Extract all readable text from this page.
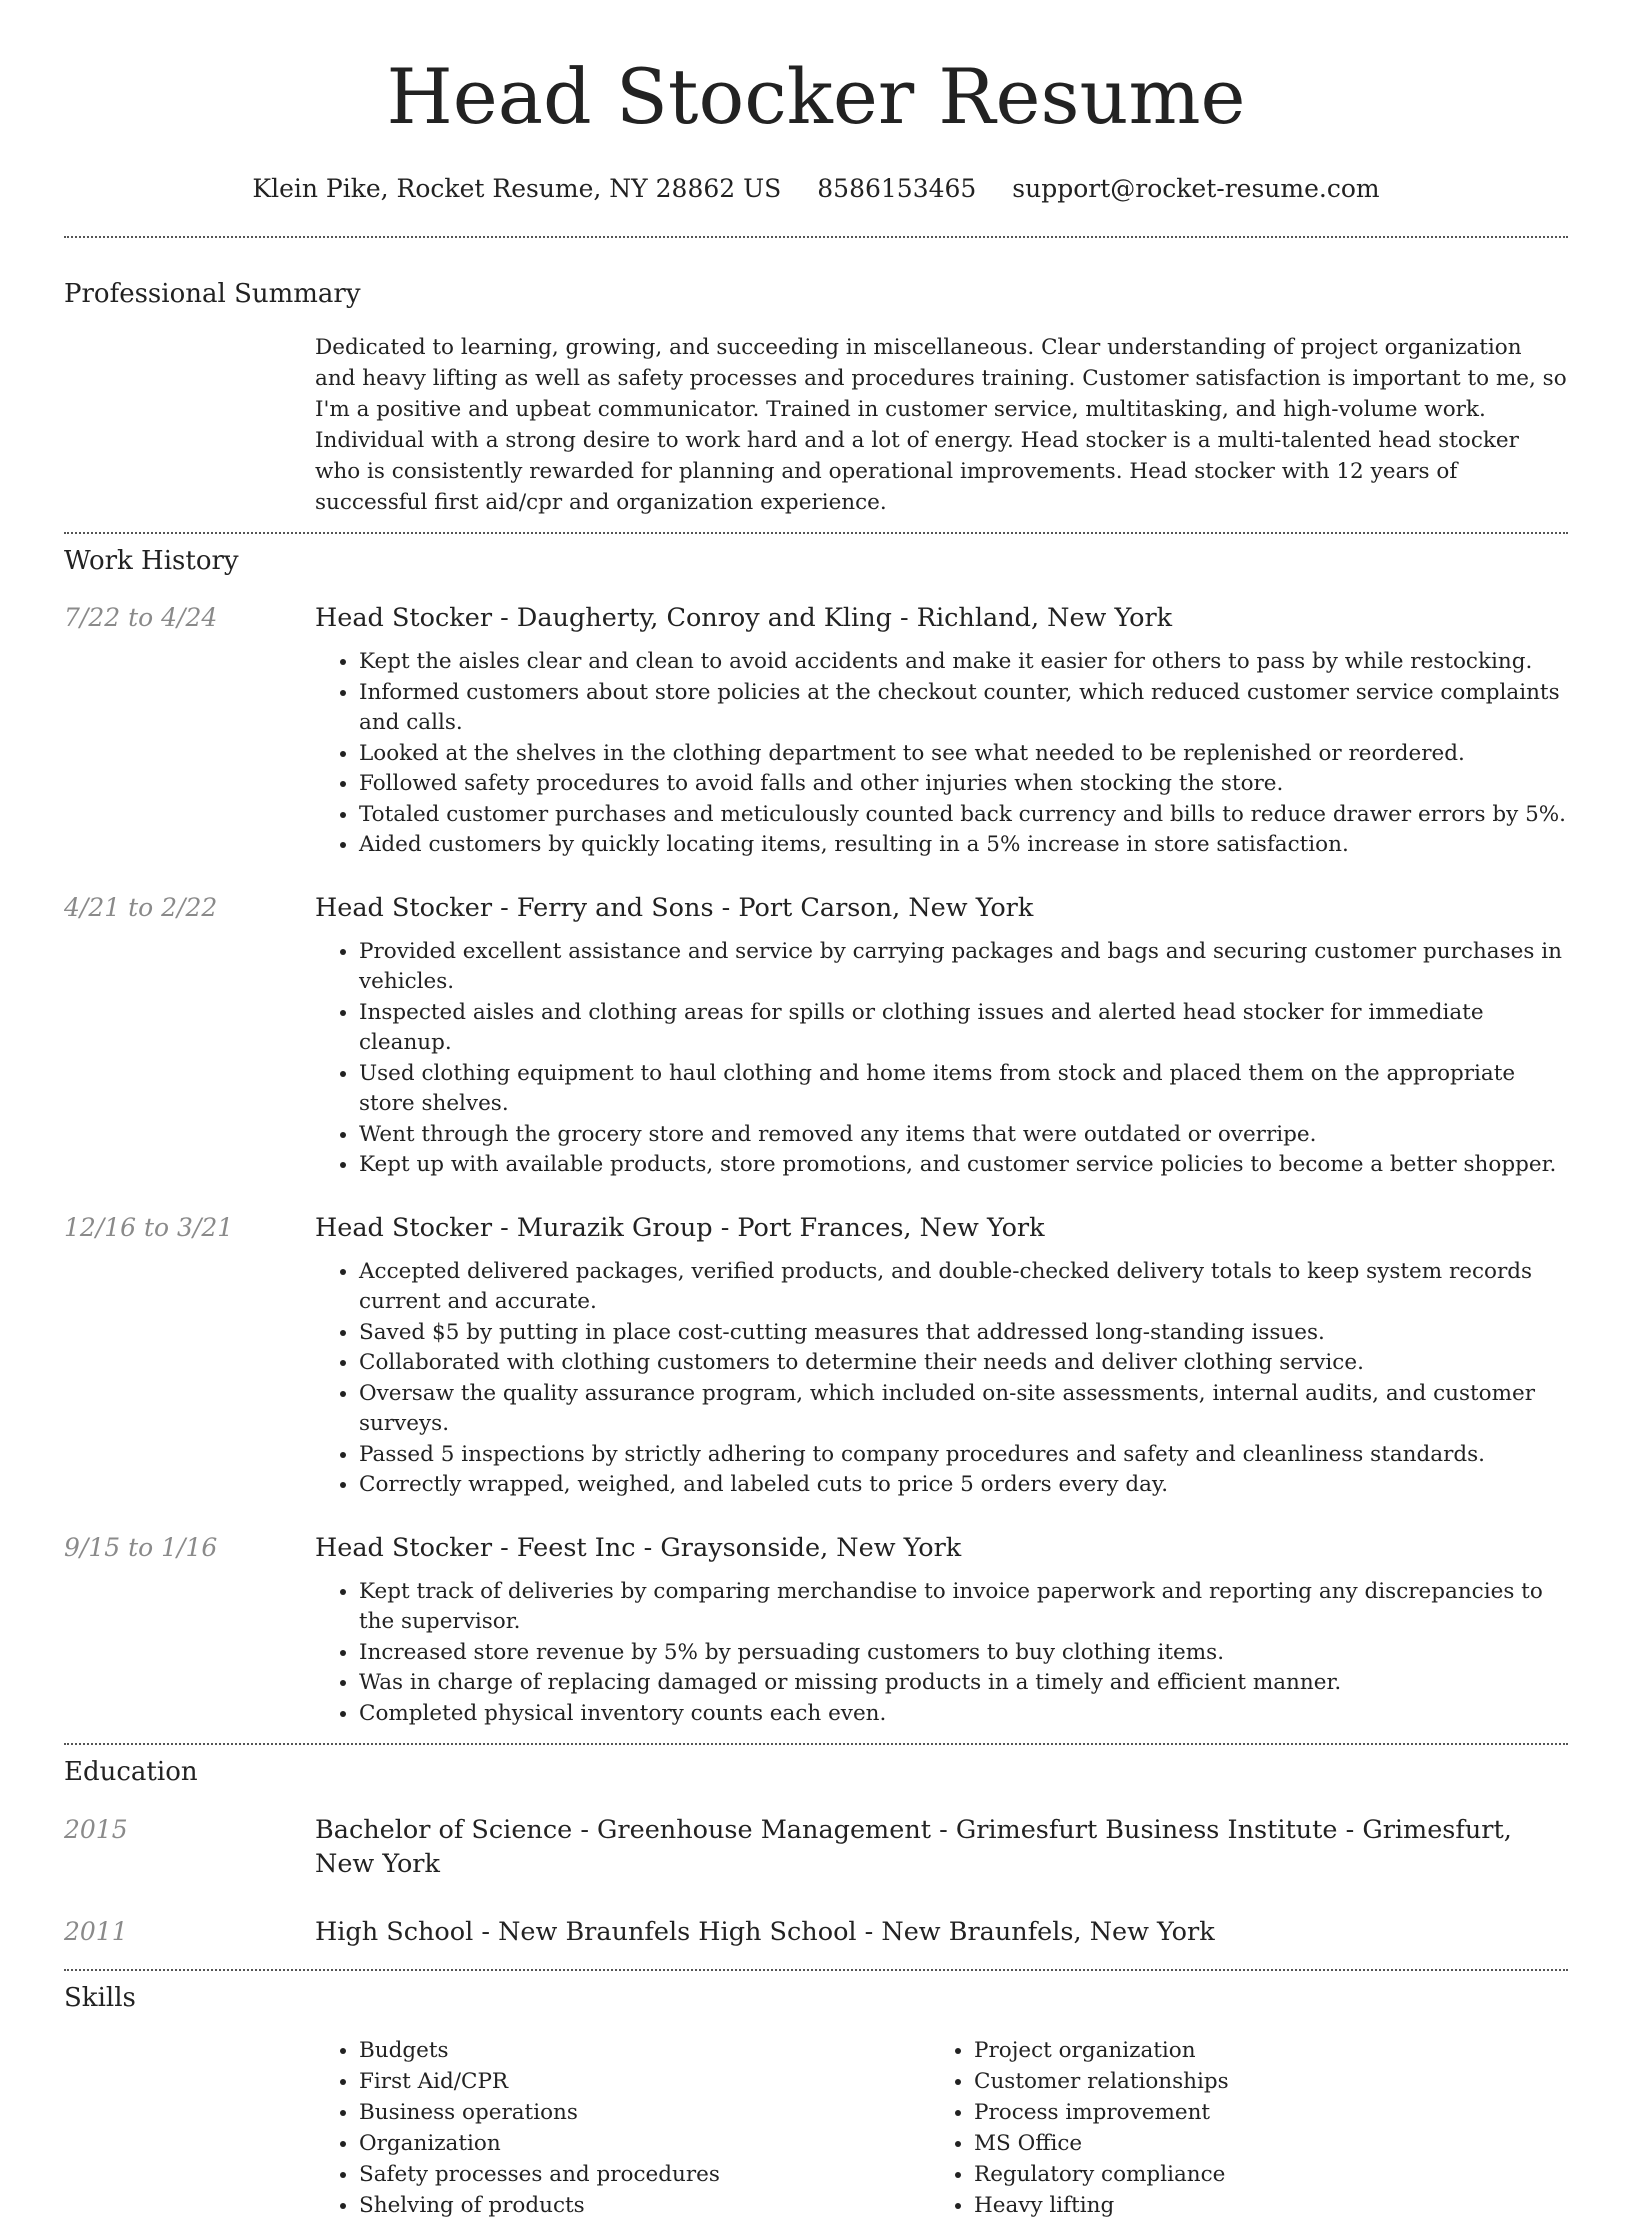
Head Stocker Resume
Klein Pike, Rocket Resume, NY 28862 US 8586153465 support@rocket-resume.com
Professional Summary

Dedicated to learning, growing, and succeeding in miscellaneous. Clear understanding of project organization and heavy lifting as well as safety processes and procedures training. Customer satisfaction is important to me, so I'm a positive and upbeat communicator. Trained in customer service, multitasking, and high-volume work. Individual with a strong desire to work hard and a lot of energy. Head stocker is a multi-talented head stocker who is consistently rewarded for planning and operational improvements. Head stocker with 12 years of successful first aid/cpr and organization experience.

Work History
7/22 to 4/24	Head Stocker - Daugherty, Conroy and Kling - Richland, New York
• Kept the aisles clear and clean to avoid accidents and make it easier for others to pass by while restocking.
• Informed customers about store policies at the checkout counter, which reduced customer service complaints and calls.
• Looked at the shelves in the clothing department to see what needed to be replenished or reordered.
• Followed safety procedures to avoid falls and other injuries when stocking the store.
• Totaled customer purchases and meticulously counted back currency and bills to reduce drawer errors by 5%.
• Aided customers by quickly locating items, resulting in a 5% increase in store satisfaction.
4/21 to 2/22	Head Stocker - Ferry and Sons - Port Carson, New York
• Provided excellent assistance and service by carrying packages and bags and securing customer purchases in vehicles.
• Inspected aisles and clothing areas for spills or clothing issues and alerted head stocker for immediate cleanup.
• Used clothing equipment to haul clothing and home items from stock and placed them on the appropriate store shelves.
• Went through the grocery store and removed any items that were outdated or overripe.
• Kept up with available products, store promotions, and customer service policies to become a better shopper.
12/16 to 3/21	Head Stocker - Murazik Group - Port Frances, New York
• Accepted delivered packages, verified products, and double-checked delivery totals to keep system records current and accurate.
• Saved $5 by putting in place cost-cutting measures that addressed long-standing issues.
• Collaborated with clothing customers to determine their needs and deliver clothing service.
• Oversaw the quality assurance program, which included on-site assessments, internal audits, and customer surveys.
• Passed 5 inspections by strictly adhering to company procedures and safety and cleanliness standards.
• Correctly wrapped, weighed, and labeled cuts to price 5 orders every day.
9/15 to 1/16	Head Stocker - Feest Inc - Graysonside, New York
• Kept track of deliveries by comparing merchandise to invoice paperwork and reporting any discrepancies to the supervisor.
• Increased store revenue by 5% by persuading customers to buy clothing items.
• Was in charge of replacing damaged or missing products in a timely and efficient manner.
• Completed physical inventory counts each even.
Education
2015	Bachelor of Science - Greenhouse Management - Grimesfurt Business Institute - Grimesfurt, New York
2011	High School - New Braunfels High School - New Braunfels, New York
Skills
• Budgets
• First Aid/CPR
• Business operations
• Organization
• Safety processes and procedures
• Shelving of products
• Project organization
• Customer relationships
• Process improvement
• MS Office
• Regulatory compliance
• Heavy lifting
